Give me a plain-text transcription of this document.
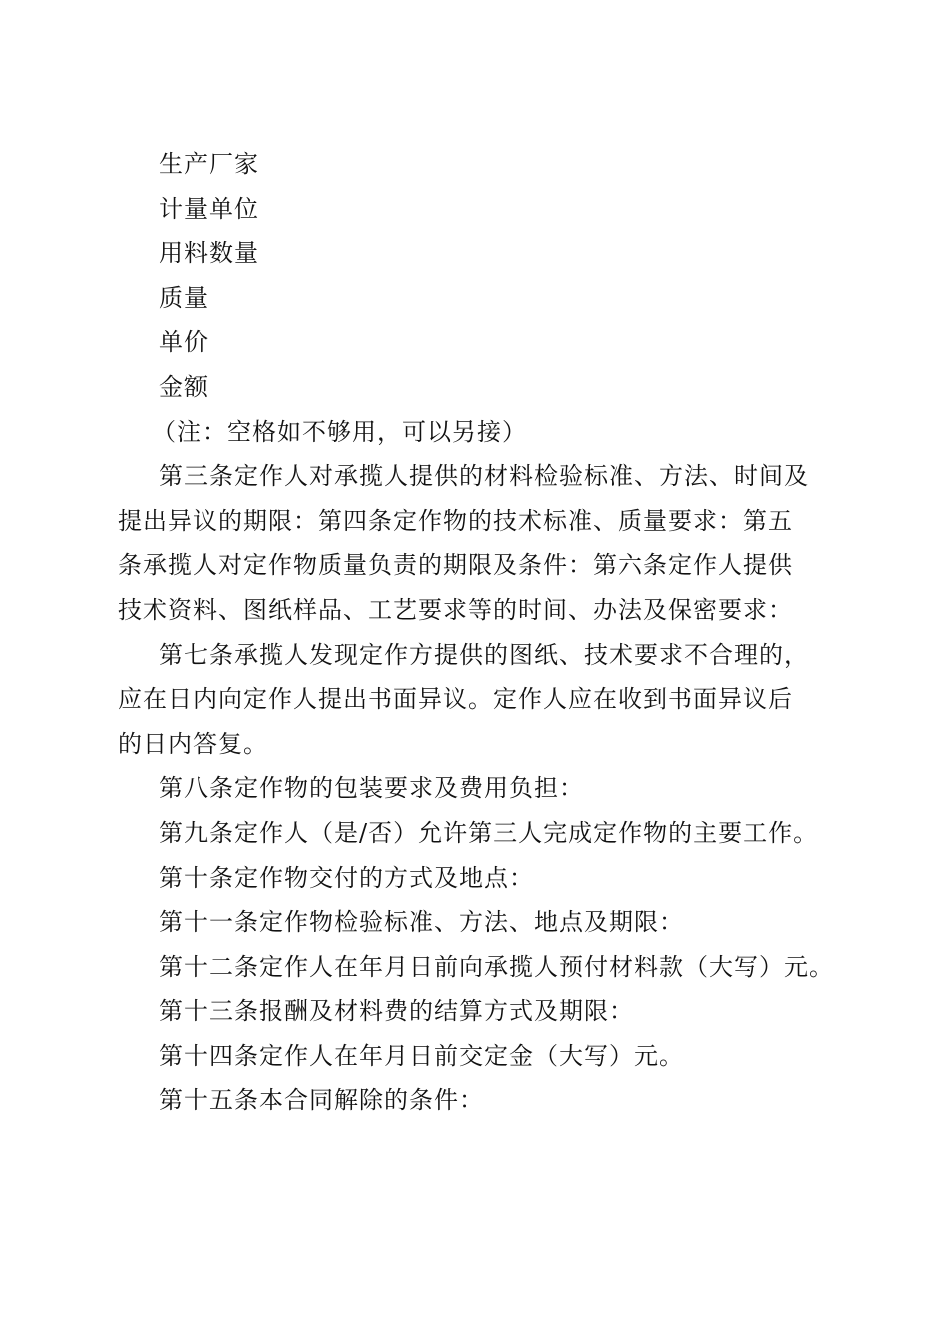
生产厂家
计量单位
用料数量
质量
单价
金额
（注：空格如不够用，可以另接）
第三条定作人对承揽人提供的材料检验标准、方法、时间及
提出异议的期限：第四条定作物的技术标准、质量要求：第五
条承揽人对定作物质量负责的期限及条件：第六条定作人提供
技术资料、图纸样品、工艺要求等的时间、办法及保密要求：
第七条承揽人发现定作方提供的图纸、技术要求不合理的，
应在日内向定作人提出书面异议。定作人应在收到书面异议后
的日内答复。
第八条定作物的包装要求及费用负担：
第九条定作人（是/否）允许第三人完成定作物的主要工作。
第十条定作物交付的方式及地点：
第十一条定作物检验标准、方法、地点及期限：
第十二条定作人在年月日前向承揽人预付材料款（大写）元。
第十三条报酬及材料费的结算方式及期限：
第十四条定作人在年月日前交定金（大写）元。
第十五条本合同解除的条件：
